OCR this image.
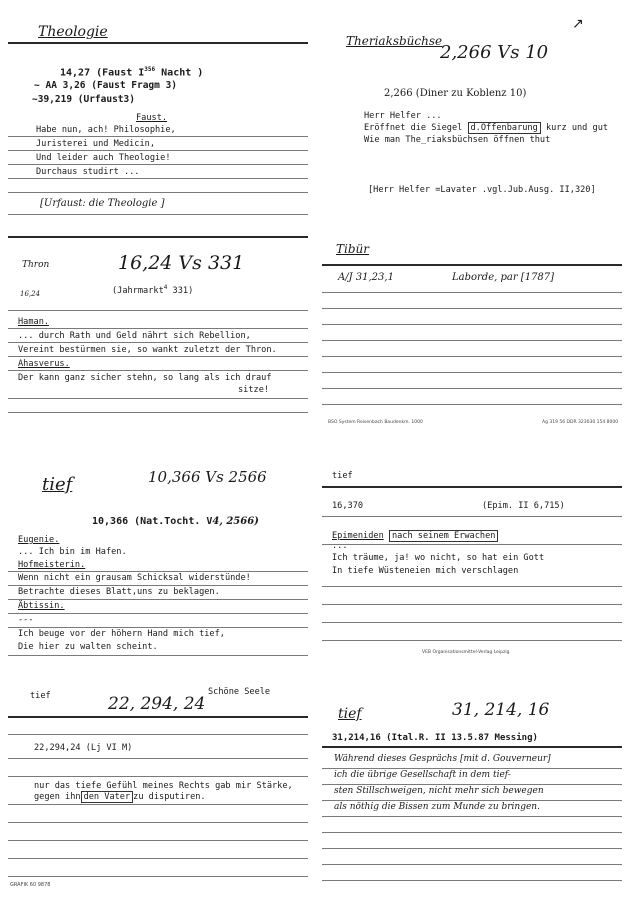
Theologie
14,27 (Faust $I^{356}$ Nacht )
~ AA 3,26 (Faust Fragm 3)
~39,219 (Urfaust3)
Faust.
Habe nun, ach! Philosophie,
Juristerei und Medicin,
Und leider auch Theologie!
Durchaus studirt ...
[Urfaust: die Theologie ]
↗
Theriaksbüchse
2,266 Vs 10
2,266 (Diner zu Koblenz 10)
Herr Helfer ...
Eröffnet die Siegel d.Offenbarung kurz und gut
Wie man The_riaksbüchsen öffnen thut
[Herr Helfer =Lavater .vgl.Jub.Ausg. II,320]
Thron	16,24 Vs 331
16,24	(Jahrmarkt$^4$ 331)
Haman.
... durch Rath und Geld nährt sich Rebellion,
Vereint bestürmen sie, so wankt zuletzt der Thron.
Ahasverus.
Der kann ganz sicher stehn, so lang als ich drauf
sitze!
Tibür
A/J 31,23,1	Laborde, par [1787]
BSO System Reisenbach Baudenkm. 1000	Ag 319 56 DDR 323030 154 8000
tief	10,366 Vs 2566
10,366 (Nat.Tocht. V4, 2566)
Eugenie.
... Ich bin im Hafen.
Hofmeisterin.
Wenn nicht ein grausam Schicksal widerstünde!
Betrachte dieses Blatt,uns zu beklagen.
Äbtissin.
---
Ich beuge vor der höhern Hand mich tief,
Die hier zu walten scheint.
tief
16,370	(Epim. II 6,715)
Epimeniden nach seinem Erwachen
...
Ich träume, ja! wo nicht, so hat ein Gott
In tiefe Wüsteneien mich verschlagen
VEB Organisationsmittel-Verlag Leipzig
tief	Schöne Seele
22, 294, 24
22,294,24 (Lj VI M)
nur das tiefe Gefühl meines Rechts gab mir Stärke,
gegen ihn den Vater zu disputiren.
GRAFIK 60 9878
tief	31, 214, 16
31,214,16 (Ital.R. II 13.5.87 Messing)
Während dieses Gesprächs [mit d. Gouverneur]
ich die übrige Gesellschaft in dem tief-
sten Stillschweigen, nicht mehr sich bewegen
als nöthig die Bissen zum Munde zu bringen.
